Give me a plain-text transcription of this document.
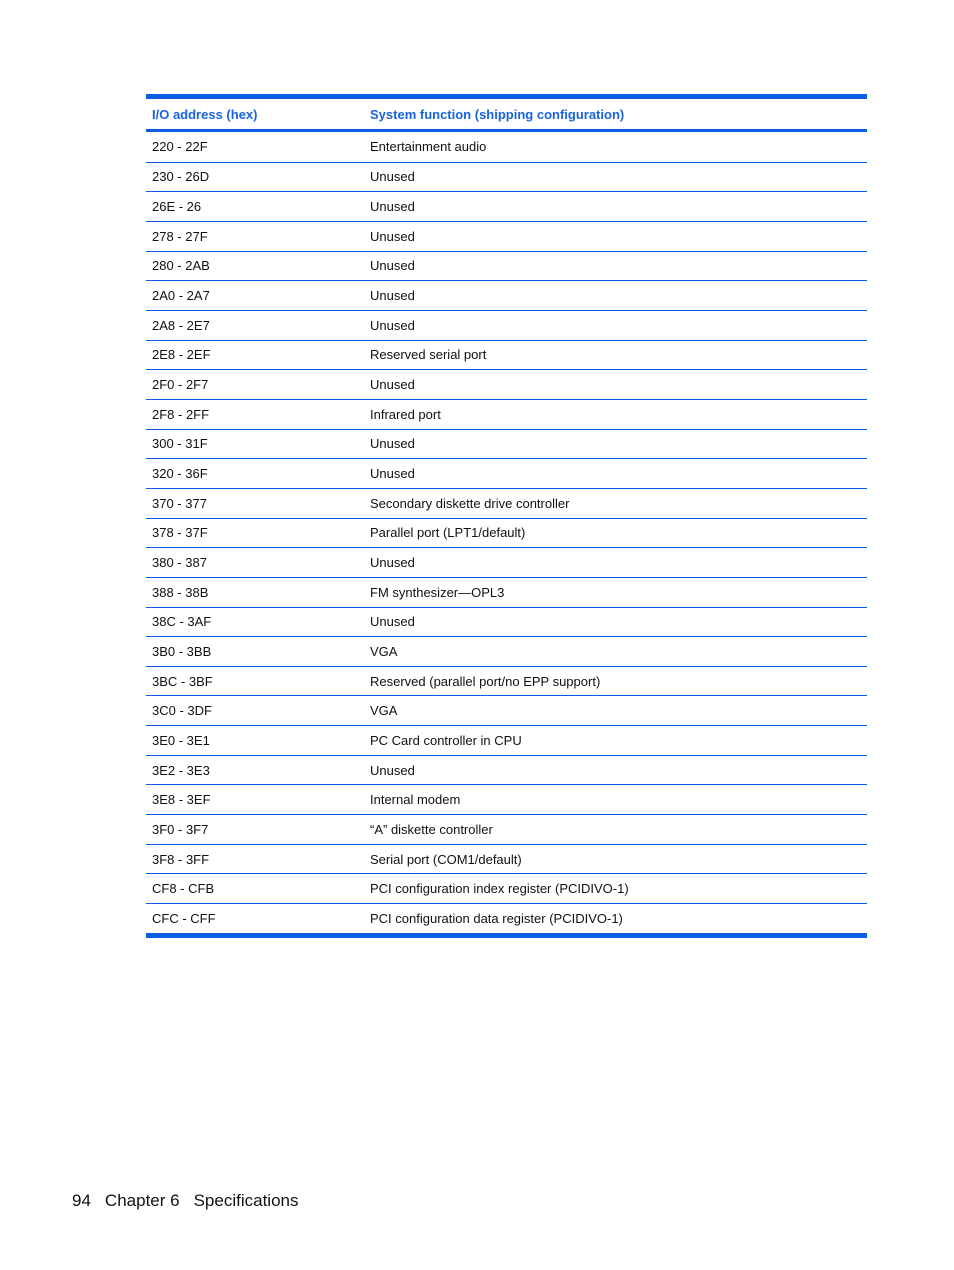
I/O address (hex)	System function (shipping configuration)
220 - 22F	Entertainment audio
230 - 26D	Unused
26E - 26	Unused
278 - 27F	Unused
280 - 2AB	Unused
2A0 - 2A7	Unused
2A8 - 2E7	Unused
2E8 - 2EF	Reserved serial port
2F0 - 2F7	Unused
2F8 - 2FF	Infrared port
300 - 31F	Unused
320 - 36F	Unused
370 - 377	Secondary diskette drive controller
378 - 37F	Parallel port (LPT1/default)
380 - 387	Unused
388 - 38B	FM synthesizer—OPL3
38C - 3AF	Unused
3B0 - 3BB	VGA
3BC - 3BF	Reserved (parallel port/no EPP support)
3C0 - 3DF	VGA
3E0 - 3E1	PC Card controller in CPU
3E2 - 3E3	Unused
3E8 - 3EF	Internal modem
3F0 - 3F7	“A” diskette controller
3F8 - 3FF	Serial port (COM1/default)
CF8 - CFB	PCI configuration index register (PCIDIVO-1)
CFC - CFF	PCI configuration data register (PCIDIVO-1)
94 Chapter 6 Specifications
